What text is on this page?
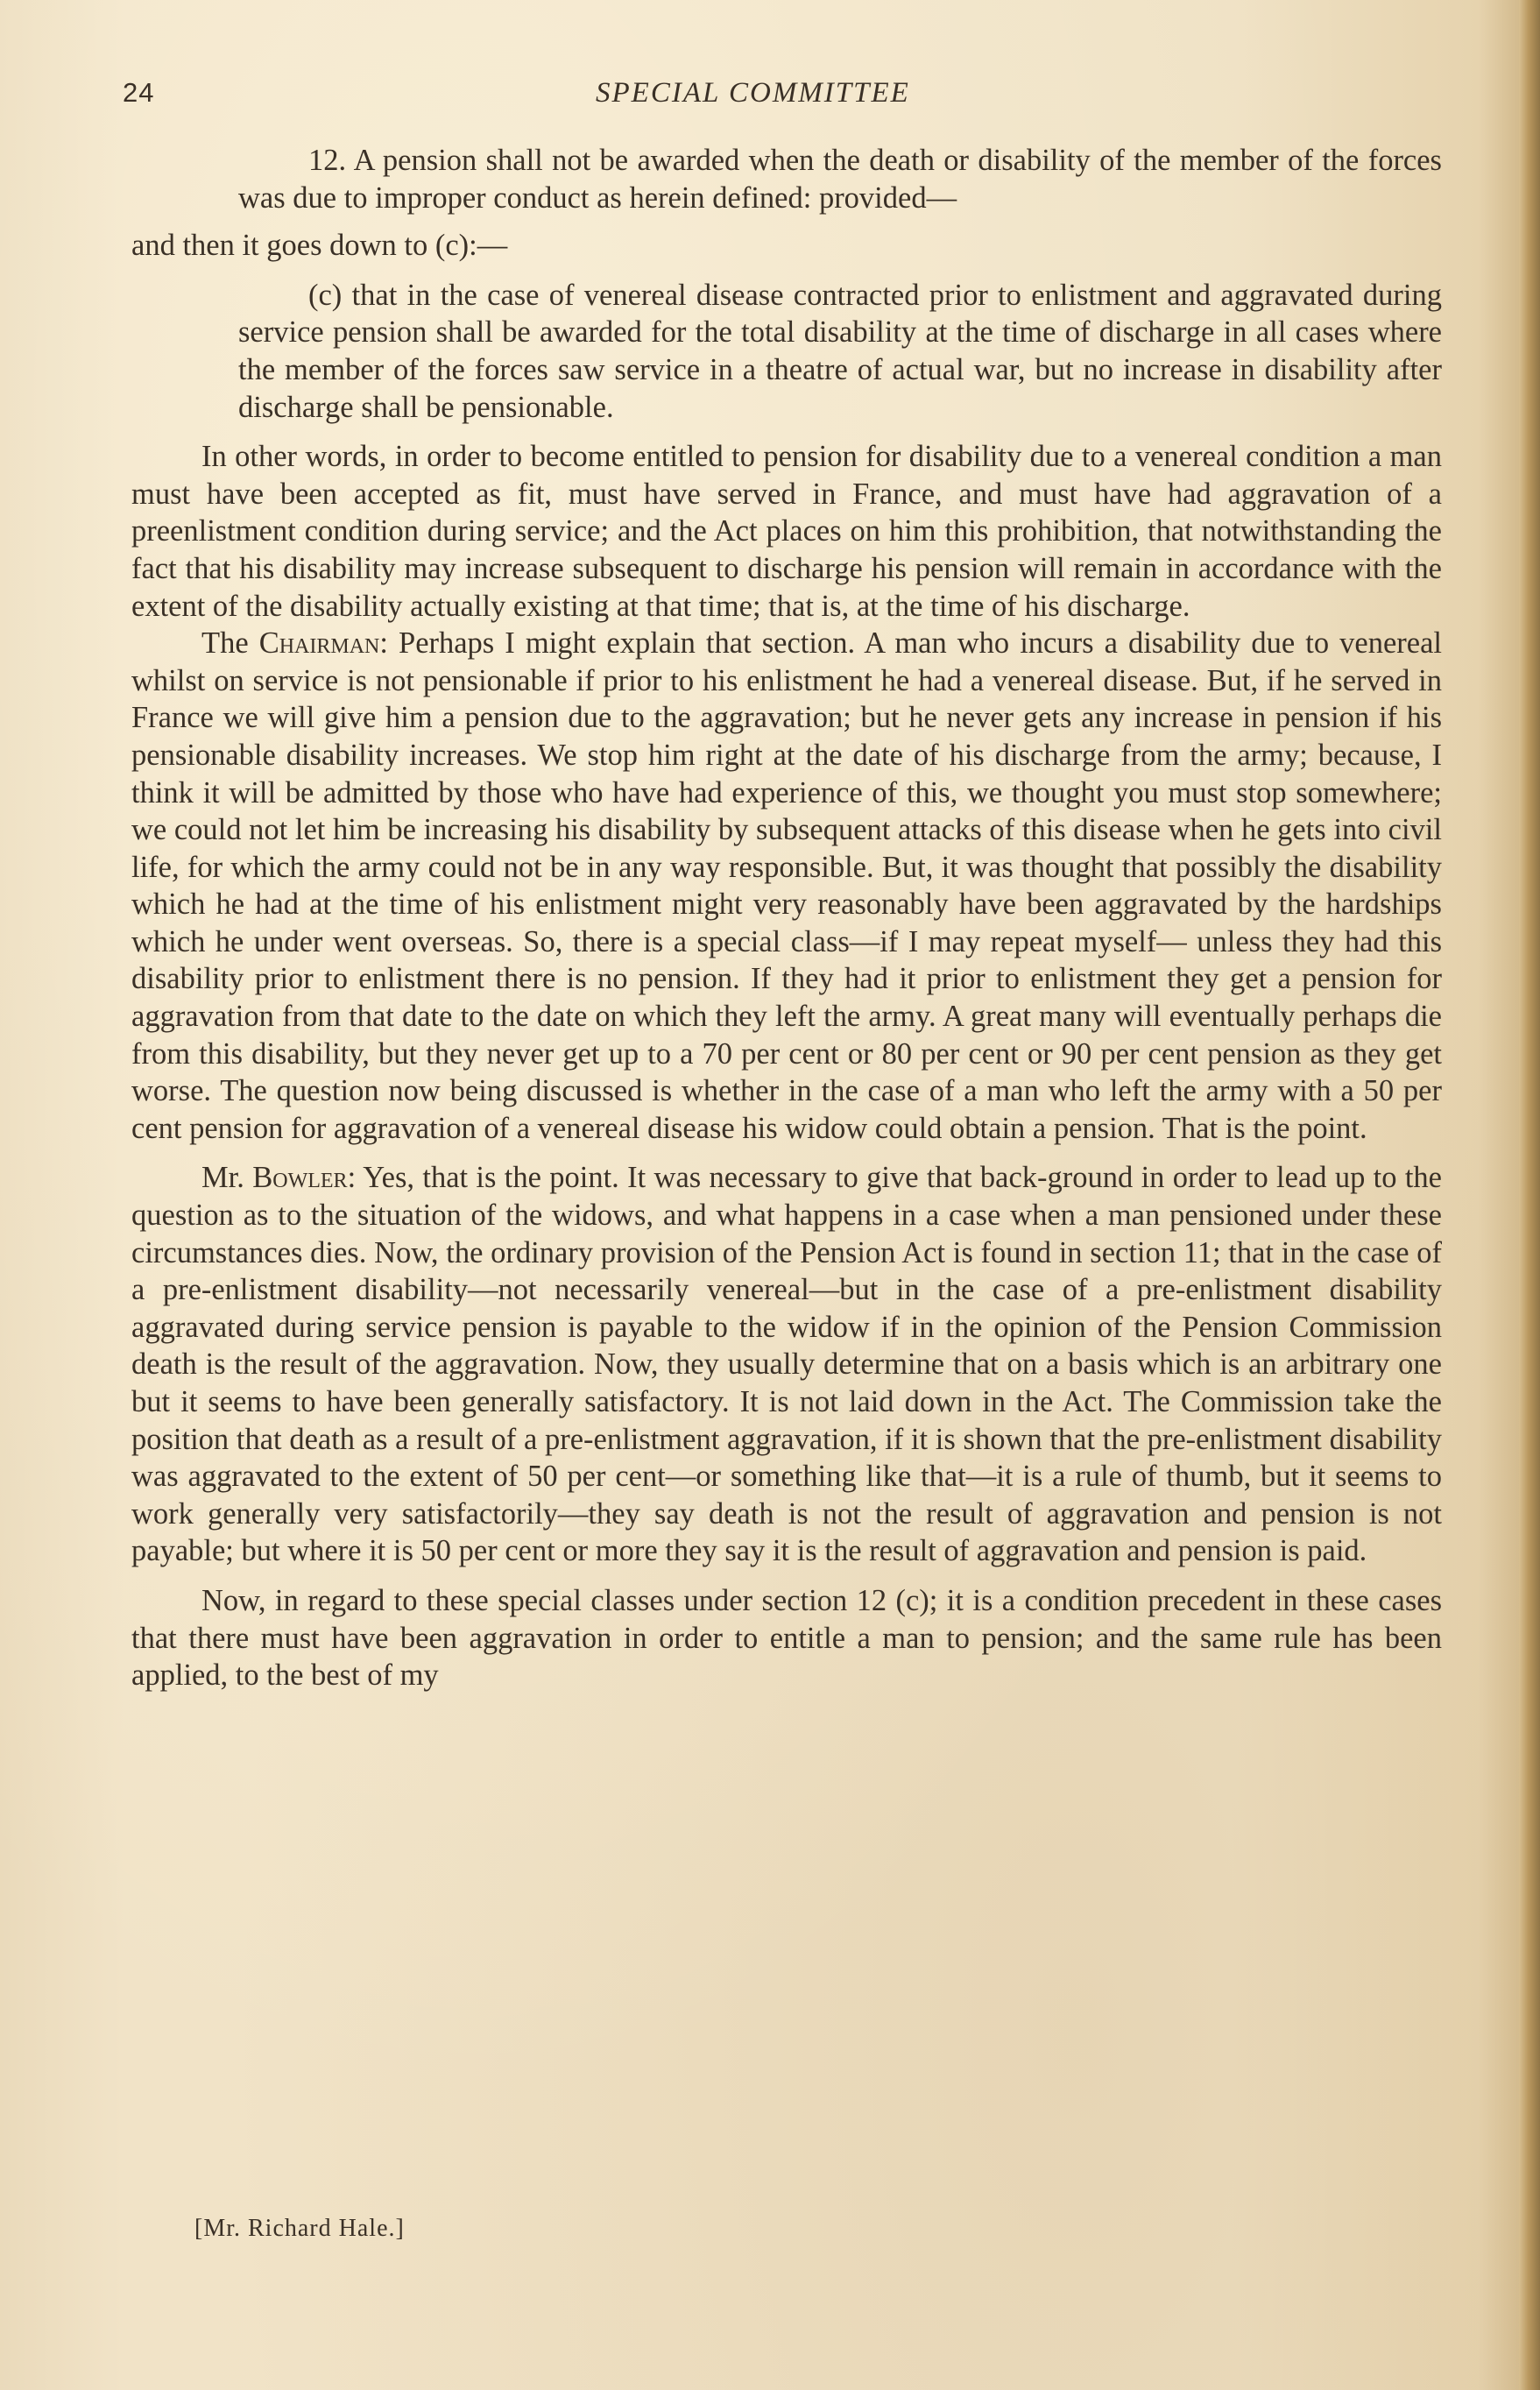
24	SPECIAL COMMITTEE

12. A pension shall not be awarded when the death or disability of the member of the forces was due to improper conduct as herein defined: provided—

and then it goes down to (c):—

(c) that in the case of venereal disease contracted prior to enlistment and aggravated during service pension shall be awarded for the total disability at the time of discharge in all cases where the member of the forces saw service in a theatre of actual war, but no increase in disability after discharge shall be pensionable.

In other words, in order to become entitled to pension for disability due to a venereal condition a man must have been accepted as fit, must have served in France, and must have had aggravation of a preenlistment condition during service; and the Act places on him this prohibition, that notwithstanding the fact that his disability may increase subsequent to discharge his pension will remain in accordance with the extent of the disability actually existing at that time; that is, at the time of his discharge.

The Chairman: Perhaps I might explain that section. A man who incurs a disability due to venereal whilst on service is not pensionable if prior to his enlistment he had a venereal disease. But, if he served in France we will give him a pension due to the aggravation; but he never gets any increase in pension if his pensionable disability increases. We stop him right at the date of his discharge from the army; because, I think it will be admitted by those who have had experience of this, we thought you must stop somewhere; we could not let him be increasing his disability by subsequent attacks of this disease when he gets into civil life, for which the army could not be in any way responsible. But, it was thought that possibly the disability which he had at the time of his enlistment might very reasonably have been aggravated by the hardships which he under went overseas. So, there is a special class—if I may repeat myself— unless they had this disability prior to enlistment there is no pension. If they had it prior to enlistment they get a pension for aggravation from that date to the date on which they left the army. A great many will eventually perhaps die from this disability, but they never get up to a 70 per cent or 80 per cent or 90 per cent pension as they get worse. The question now being discussed is whether in the case of a man who left the army with a 50 per cent pension for aggravation of a venereal disease his widow could obtain a pension. That is the point.

Mr. Bowler: Yes, that is the point. It was necessary to give that back-ground in order to lead up to the question as to the situation of the widows, and what happens in a case when a man pensioned under these circumstances dies. Now, the ordinary provision of the Pension Act is found in section 11; that in the case of a pre-enlistment disability—not necessarily venereal—but in the case of a pre-enlistment disability aggravated during service pension is payable to the widow if in the opinion of the Pension Commission death is the result of the aggravation. Now, they usually determine that on a basis which is an arbitrary one but it seems to have been generally satisfactory. It is not laid down in the Act. The Commission take the position that death as a result of a pre-enlistment aggravation, if it is shown that the pre-enlistment disability was aggravated to the extent of 50 per cent—or something like that—it is a rule of thumb, but it seems to work generally very satisfactorily—they say death is not the result of aggravation and pension is not payable; but where it is 50 per cent or more they say it is the result of aggravation and pension is paid.

Now, in regard to these special classes under section 12 (c); it is a condition precedent in these cases that there must have been aggravation in order to entitle a man to pension; and the same rule has been applied, to the best of my

[Mr. Richard Hale.]
